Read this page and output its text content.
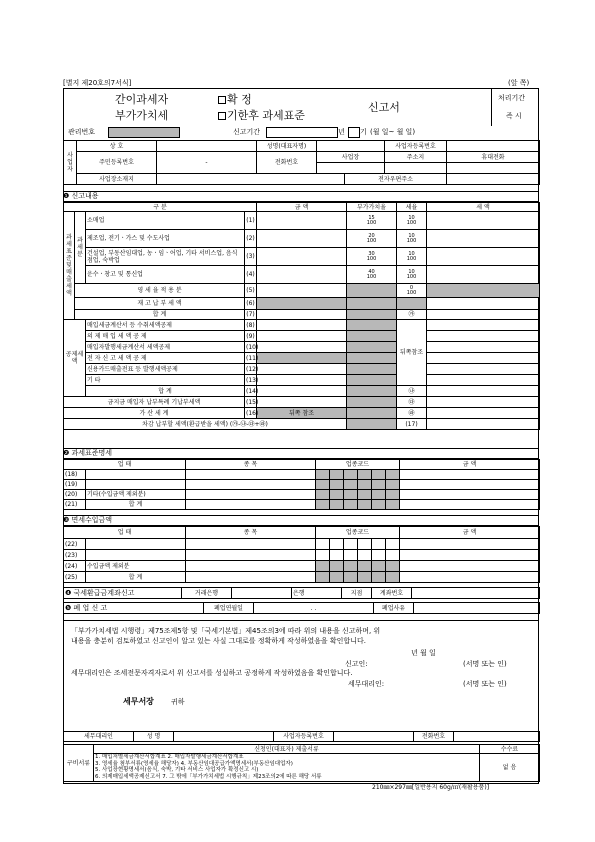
[별지 제20호의7서식]	(앞 쪽)
간이과세자
부가가치세
확 정
기한후 과세표준
신고서
처리기간
즉 시
관리번호	신고기간	년 기 (월 일~ 월 일)
사업자	상 호		성명(대표자명)			사업자등록번호	
	주민등록번호	-	전화번호	사업장		주소지	휴대전화

	사업장소재지				전자우편주소		
❶ 신고내용
구 분				금 액	부가가치율	세율	세 액
과세표준 및 매출세액	과세분	소매업	(1)		15
100	10
100	

		제조업, 전기ㆍ가스 및 수도사업	(2)		20
100	10
100	

		건설업, 부동산임대업, 농ㆍ임ㆍ어업, 기타 서비스업, 음식점업, 숙박업	(3)		30
100	10
100	

		운수ㆍ창고 및 통신업	(4)		40
100	10
100	

	영 세 율 적 용 분		(5)			0
100	

	재 고 납 부 세 액		(6)				
	합 계		(7)			㉮	
공제세액		매입세금계산서 등 수취세액공제	(8)			뒤쪽참조	
		의 제 매 입 세 액 공 제	(9)				
		매입자발행세금계산서 세액공제	(10)				
		전 자 신 고 세 액 공 제	(11)				
		신용카드매출전표 등 발행세액공제	(12)				
		기 타	(13)				
		합 계	(14)			㉯	
금지금 매입자 납부특례 기납부세액			(15)			㉰	
가 산 세 계			(16)	뒤쪽 참조		㉱	
차감 납부할 세액(환급받을 세액) (㉮-㉯-㉰+㉱)						(17)	
❷ 과세표준명세
업 태		종 목	업종코드						금 액
(18)									
(19)									
(20)	기타(수입금액 제외분)								
(21)	합 계								
❸ 면세수입금액
업 태		종 목	업종코드						금 액
(22)									
(23)									
(24)	수입금액 제외분								
(25)	합 계								
❹ 국세환급금계좌신고	거래은행		은행	지점	계좌번호	
❺ 폐 업 신 고	폐업연월일	. .	폐업사유	
「부가가치세법 시행령」제75조제5항 및「국세기본법」제45조의3에 따라 위의 내용을 신고하며, 위
내용을 충분히 검토하였고 신고인이 알고 있는 사실 그대로를 정확하게 작성하였음을 확인합니다.
년 월 일
신고인:	(서명 또는 인)
세무대리인은 조세전문자격자로서 위 신고서를 성실하고 공정하게 작성하였음을 확인합니다.
세무대리인:	(서명 또는 인)
세무서장 귀하
세무대리인	성 명		사업자등록번호		전화번호	
구비서류	신청인(대표자) 제출서류	수수료

	1. 매입처별세금계산서합계표 2. 매입자발행세금계산서합계표
3. 영세율 첨부서류(영세율 해당자) 4. 부동산임대공급가액명세서(부동산임대업자)
5. 사업장현황명세서(음식, 숙박, 기타 서비스 사업자가 확정신고 시)
6. 의제매입세액공제신고서 7. 그 밖에「부가가치세법 시행규칙」제23조의2에 따른 해당 서류	없 음
210㎜×297㎜[일반용지 60g/㎡(재활용품)]
